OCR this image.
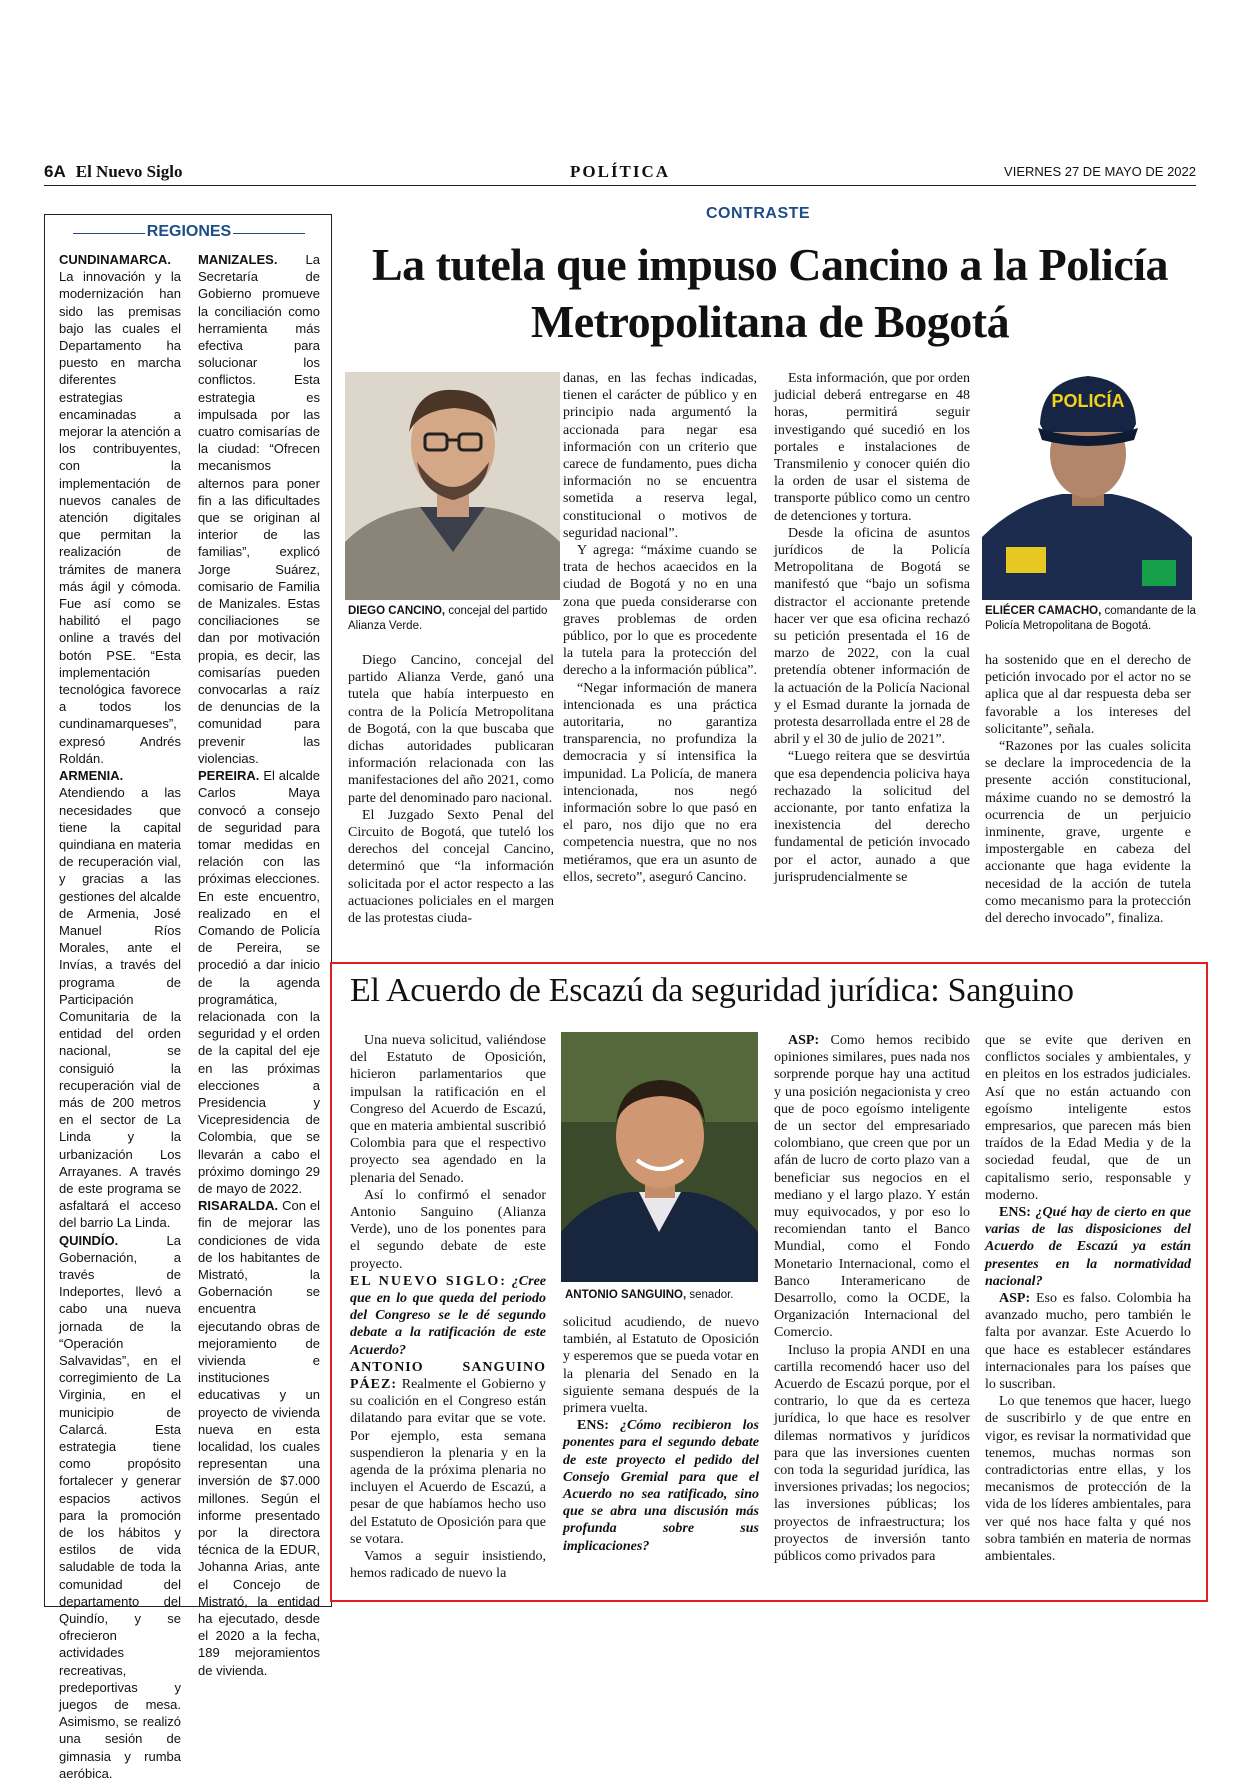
6A El Nuevo Siglo	POLÍTICA	VIERNES 27 DE MAYO DE 2022
REGIONES

CUNDINAMARCA. La innovación y la modernización han sido las premisas bajo las cuales el Departamento ha puesto en marcha diferentes estrategias encaminadas a mejorar la atención a los contribuyentes, con la implementación de nuevos canales de atención digitales que permitan la realización de trámites de manera más ágil y cómoda. Fue así como se habilitó el pago online a través del botón PSE. “Esta implementación tecnológica favorece a todos los cundinamarqueses”, expresó Andrés Roldán.

ARMENIA. Atendiendo a las necesidades que tiene la capital quindiana en materia de recuperación vial, y gracias a las gestiones del alcalde de Armenia, José Manuel Ríos Morales, ante el Invías, a través del programa de Participación Comunitaria de la entidad del orden nacional, se consiguió la recuperación vial de más de 200 metros en el sector de La Linda y la urbanización Los Arrayanes. A través de este programa se asfaltará el acceso del barrio La Linda.

QUINDÍO. La Gobernación, a través de Indeportes, llevó a cabo una nueva jornada de la “Operación Salvavidas”, en el corregimiento de La Virginia, en el municipio de Calarcá. Esta estrategia tiene como propósito fortalecer y generar espacios activos para la promoción de los hábitos y estilos de vida saludable de toda la comunidad del departamento del Quindío, y se ofrecieron actividades recreativas, predeportivas y juegos de mesa. Asimismo, se realizó una sesión de gimnasia y rumba aeróbica.

MANIZALES. La Secretaría de Gobierno promueve la conciliación como herramienta más efectiva para solucionar los conflictos. Esta estrategia es impulsada por las cuatro comisarías de la ciudad: “Ofrecen mecanismos alternos para poner fin a las dificultades que se originan al interior de las familias”, explicó Jorge Suárez, comisario de Familia de Manizales. Estas conciliaciones se dan por motivación propia, es decir, las comisarías pueden convocarlas a raíz de denuncias de la comunidad para prevenir las violencias.

PEREIRA. El alcalde Carlos Maya convocó a consejo de seguridad para tomar medidas en relación con las próximas elecciones. En este encuentro, realizado en el Comando de Policía de Pereira, se procedió a dar inicio de la agenda programática, relacionada con la seguridad y el orden de la capital del eje en las próximas elecciones a Presidencia y Vicepresidencia de Colombia, que se llevarán a cabo el próximo domingo 29 de mayo de 2022.

RISARALDA. Con el fin de mejorar las condiciones de vida de los habitantes de Mistrató, la Gobernación se encuentra ejecutando obras de mejoramiento de vivienda e instituciones educativas y un proyecto de vivienda nueva en esta localidad, los cuales representan una inversión de $7.000 millones. Según el informe presentado por la directora técnica de la EDUR, Johanna Arias, ante el Concejo de Mistrató, la entidad ha ejecutado, desde el 2020 a la fecha, 189 mejoramientos de vivienda.

CONTRASTE
La tutela que impuso Cancino a la Policía Metropolitana de Bogotá
DIEGO CANCINO, concejal del partido Alianza Verde.

Diego Cancino, concejal del partido Alianza Verde, ganó una tutela que había interpuesto en contra de la Policía Metropolitana de Bogotá, con la que buscaba que dichas autoridades publicaran información relacionada con las manifestaciones del año 2021, como parte del denominado paro nacional.

El Juzgado Sexto Penal del Circuito de Bogotá, que tuteló los derechos del concejal Cancino, determinó que “la información solicitada por el actor respecto a las actuaciones policiales en el margen de las protestas ciuda-

danas, en las fechas indicadas, tienen el carácter de público y en principio nada argumentó la accionada para negar esa información con un criterio que carece de fundamento, pues dicha información no se encuentra sometida a reserva legal, constitucional o motivos de seguridad nacional”.

Y agrega: “máxime cuando se trata de hechos acaecidos en la ciudad de Bogotá y no en una zona que pueda considerarse con graves problemas de orden público, por lo que es procedente la tutela para la protección del derecho a la información pública”.

“Negar información de manera intencionada es una práctica autoritaria, no garantiza transparencia, no profundiza la democracia y sí intensifica la impunidad. La Policía, de manera intencionada, nos negó información sobre lo que pasó en el paro, nos dijo que no era competencia nuestra, que no nos metiéramos, que era un asunto de ellos, secreto”, aseguró Cancino.

Esta información, que por orden judicial deberá entregarse en 48 horas, permitirá seguir investigando qué sucedió en los portales e instalaciones de Transmilenio y conocer quién dio la orden de usar el sistema de transporte público como un centro de detenciones y tortura.

Desde la oficina de asuntos jurídicos de la Policía Metropolitana de Bogotá se manifestó que “bajo un sofisma distractor el accionante pretende hacer ver que esa oficina rechazó su petición presentada el 16 de marzo de 2022, con la cual pretendía obtener información de la actuación de la Policía Nacional y el Esmad durante la jornada de protesta desarrollada entre el 28 de abril y el 30 de julio de 2021”.

“Luego reitera que se desvirtúa que esa dependencia policiva haya rechazado la solicitud del accionante, por tanto enfatiza la inexistencia del derecho fundamental de petición invocado por el actor, aunado a que jurisprudencialmente se

POLICÍA
ELIÉCER CAMACHO, comandante de la Policía Metropolitana de Bogotá.

ha sostenido que en el derecho de petición invocado por el actor no se aplica que al dar respuesta deba ser favorable a los intereses del solicitante”, señala.

“Razones por las cuales solicita se declare la improcedencia de la presente acción constitucional, máxime cuando no se demostró la ocurrencia de un perjuicio inminente, grave, urgente e impostergable en cabeza del accionante que haga evidente la necesidad de la acción de tutela como mecanismo para la protección del derecho invocado”, finaliza.

El Acuerdo de Escazú da seguridad jurídica: Sanguino

Una nueva solicitud, valiéndose del Estatuto de Oposición, hicieron parlamentarios que impulsan la ratificación en el Congreso del Acuerdo de Escazú, que en materia ambiental suscribió Colombia para que el respectivo proyecto sea agendado en la plenaria del Senado.

Así lo confirmó el senador Antonio Sanguino (Alianza Verde), uno de los ponentes para el segundo debate de este proyecto.

EL NUEVO SIGLO: ¿Cree que en lo que queda del periodo del Congreso se le dé segundo debate a la ratificación de este Acuerdo?

ANTONIO SANGUINO PÁEZ: Realmente el Gobierno y su coalición en el Congreso están dilatando para evitar que se vote. Por ejemplo, esta semana suspendieron la plenaria y en la agenda de la próxima plenaria no incluyen el Acuerdo de Escazú, a pesar de que habíamos hecho uso del Estatuto de Oposición para que se votara.

Vamos a seguir insistiendo, hemos radicado de nuevo la

ANTONIO SANGUINO, senador.

solicitud acudiendo, de nuevo también, al Estatuto de Oposición y esperemos que se pueda votar en la plenaria del Senado en la siguiente semana después de la primera vuelta.

ENS: ¿Cómo recibieron los ponentes para el segundo debate de este proyecto el pedido del Consejo Gremial para que el Acuerdo no sea ratificado, sino que se abra una discusión más profunda sobre sus implicaciones?

ASP: Como hemos recibido opiniones similares, pues nada nos sorprende porque hay una actitud y una posición negacionista y creo que de poco egoísmo inteligente de un sector del empresariado colombiano, que creen que por un afán de lucro de corto plazo van a beneficiar sus negocios en el mediano y el largo plazo. Y están muy equivocados, y por eso lo recomiendan tanto el Banco Mundial, como el Fondo Monetario Internacional, como el Banco Interamericano de Desarrollo, como la OCDE, la Organización Internacional del Comercio.

Incluso la propia ANDI en una cartilla recomendó hacer uso del Acuerdo de Escazú porque, por el contrario, lo que da es certeza jurídica, lo que hace es resolver dilemas normativos y jurídicos para que las inversiones cuenten con toda la seguridad jurídica, las inversiones privadas; los negocios; las inversiones públicas; los proyectos de infraestructura; los proyectos de inversión tanto públicos como privados para

que se evite que deriven en conflictos sociales y ambientales, y en pleitos en los estrados judiciales. Así que no están actuando con egoísmo inteligente estos empresarios, que parecen más bien traídos de la Edad Media y de la sociedad feudal, que de un capitalismo serio, responsable y moderno.

ENS: ¿Qué hay de cierto en que varias de las disposiciones del Acuerdo de Escazú ya están presentes en la normatividad nacional?

ASP: Eso es falso. Colombia ha avanzado mucho, pero también le falta por avanzar. Este Acuerdo lo que hace es establecer estándares internacionales para los países que lo suscriban.

Lo que tenemos que hacer, luego de suscribirlo y de que entre en vigor, es revisar la normatividad que tenemos, muchas normas son contradictorias entre ellas, y los mecanismos de protección de la vida de los líderes ambientales, para ver qué nos hace falta y qué nos sobra también en materia de normas ambientales.
